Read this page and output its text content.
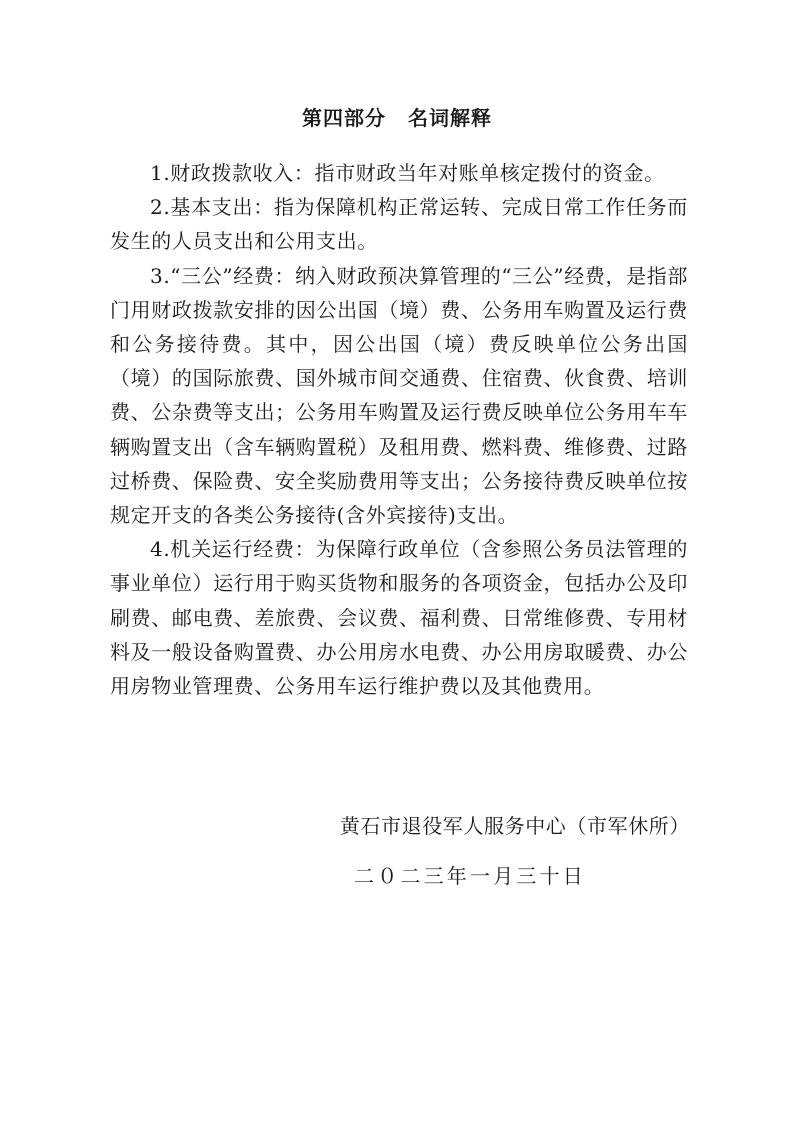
第四部分 名词解释

1.财政拨款收入：指市财政当年对账单核定拨付的资金。

2.基本支出：指为保障机构正常运转、完成日常工作任务而发生的人员支出和公用支出。

3.“三公”经费：纳入财政预决算管理的“三公”经费，是指部门用财政拨款安排的因公出国（境）费、公务用车购置及运行费和公务接待费。其中，因公出国（境）费反映单位公务出国（境）的国际旅费、国外城市间交通费、住宿费、伙食费、培训费、公杂费等支出；公务用车购置及运行费反映单位公务用车车辆购置支出（含车辆购置税）及租用费、燃料费、维修费、过路过桥费、保险费、安全奖励费用等支出；公务接待费反映单位按规定开支的各类公务接待(含外宾接待)支出。

4.机关运行经费：为保障行政单位（含参照公务员法管理的事业单位）运行用于购买货物和服务的各项资金，包括办公及印刷费、邮电费、差旅费、会议费、福利费、日常维修费、专用材料及一般设备购置费、办公用房水电费、办公用房取暖费、办公用房物业管理费、公务用车运行维护费以及其他费用。

黄石市退役军人服务中心（市军休所）

二０二三年一月三十日
